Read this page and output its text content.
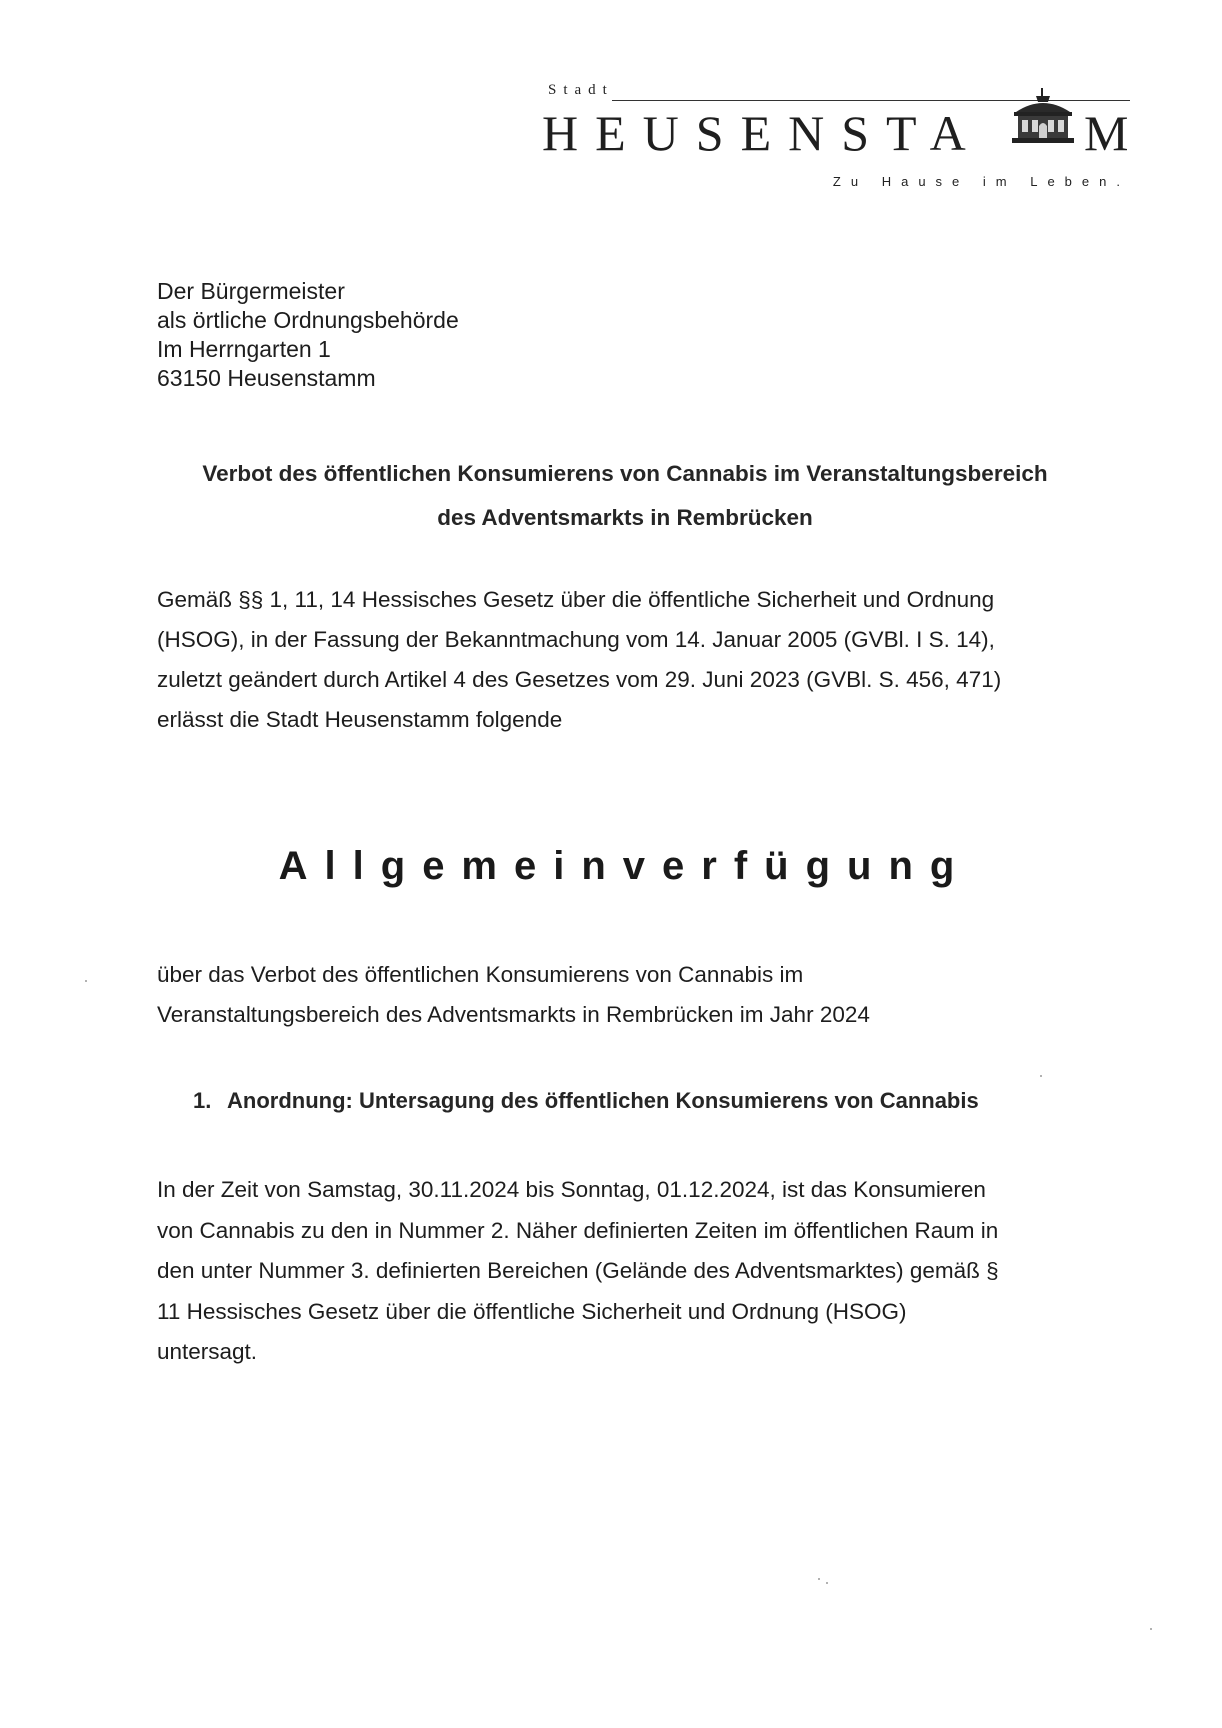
Stadt
HEUSENSTA M
Zu Hause im Leben.
Der Bürgermeister
als örtliche Ordnungsbehörde
Im Herrngarten 1
63150 Heusenstamm
Verbot des öffentlichen Konsumierens von Cannabis im Veranstaltungsbereich
des Adventsmarkts in Rembrücken
Gemäß §§ 1, 11, 14 Hessisches Gesetz über die öffentliche Sicherheit und Ordnung
(HSOG), in der Fassung der Bekanntmachung vom 14. Januar 2005 (GVBl. I S. 14),
zuletzt geändert durch Artikel 4 des Gesetzes vom 29. Juni 2023 (GVBl. S. 456, 471)
erlässt die Stadt Heusenstamm folgende
Allgemeinverfügung
über das Verbot des öffentlichen Konsumierens von Cannabis im
Veranstaltungsbereich des Adventsmarkts in Rembrücken im Jahr 2024
1. Anordnung: Untersagung des öffentlichen Konsumierens von Cannabis
In der Zeit von Samstag, 30.11.2024 bis Sonntag, 01.12.2024, ist das Konsumieren
von Cannabis zu den in Nummer 2. Näher definierten Zeiten im öffentlichen Raum in
den unter Nummer 3. definierten Bereichen (Gelände des Adventsmarktes) gemäß §
11 Hessisches Gesetz über die öffentliche Sicherheit und Ordnung (HSOG)
untersagt.
